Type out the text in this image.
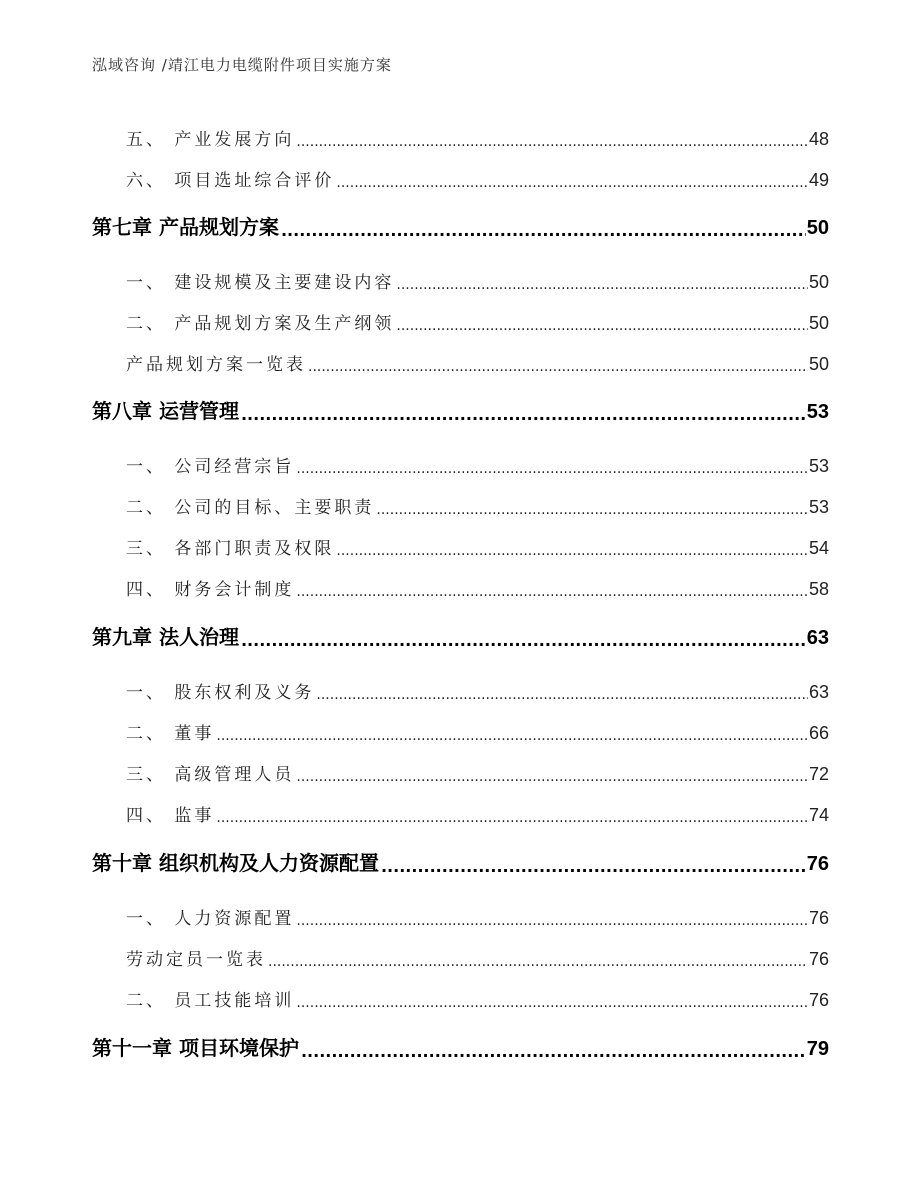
泓域咨询 /靖江电力电缆附件项目实施方案
五、 产业发展方向 .....	48
六、 项目选址综合评价 .....	49
第七章 产品规划方案 .....	50
一、 建设规模及主要建设内容 .....	50
二、 产品规划方案及生产纲领 .....	50
产品规划方案一览表 .....	50
第八章 运营管理 .....	53
一、 公司经营宗旨 .....	53
二、 公司的目标、主要职责 .....	53
三、 各部门职责及权限 .....	54
四、 财务会计制度 .....	58
第九章 法人治理 .....	63
一、 股东权利及义务 .....	63
二、 董事 .....	66
三、 高级管理人员 .....	72
四、 监事 .....	74
第十章 组织机构及人力资源配置 .....	76
一、 人力资源配置 .....	76
劳动定员一览表 .....	76
二、 员工技能培训 .....	76
第十一章 项目环境保护 .....	79
